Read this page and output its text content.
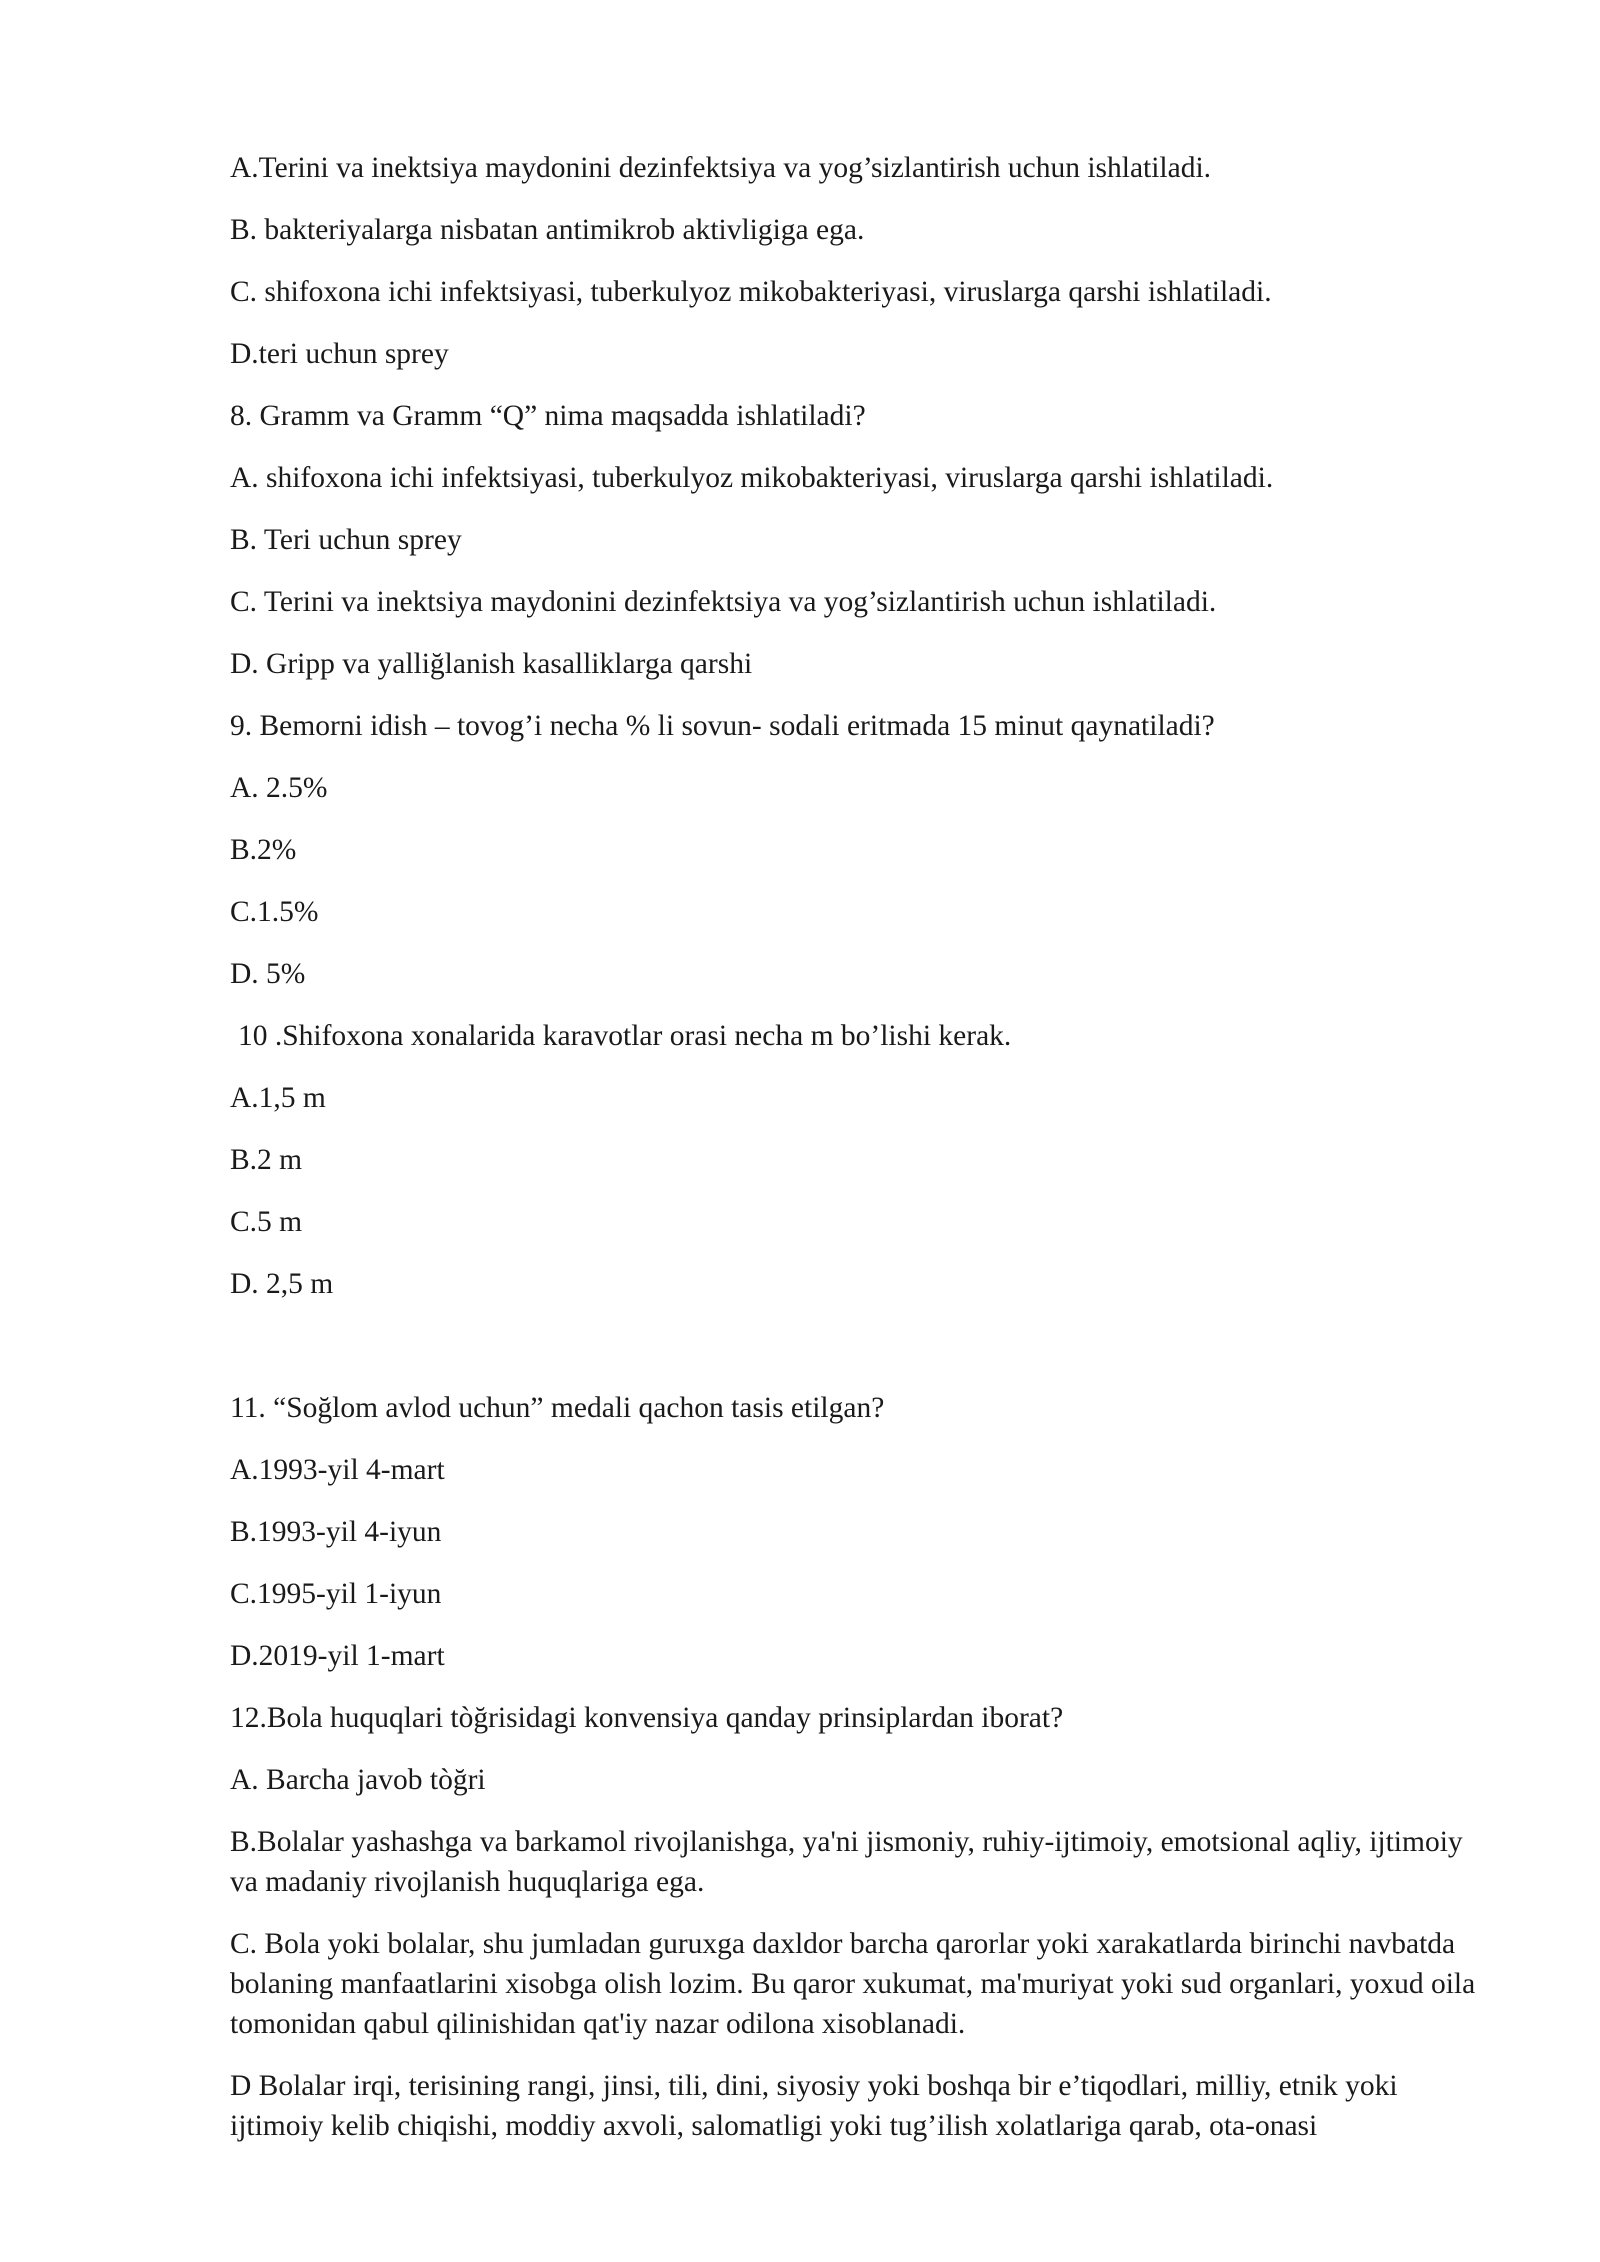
A.Terini va inektsiya maydonini dezinfektsiya va yog’sizlantirish uchun ishlatiladi.

B. bakteriyalarga nisbatan antimikrob aktivligiga ega.

C. shifoxona ichi infektsiyasi, tuberkulyoz mikobakteriyasi, viruslarga qarshi ishlatiladi.

D.teri uchun sprey

8. Gramm va Gramm “Q” nima maqsadda ishlatiladi?

A. shifoxona ichi infektsiyasi, tuberkulyoz mikobakteriyasi, viruslarga qarshi ishlatiladi.

B. Teri uchun sprey

C. Terini va inektsiya maydonini dezinfektsiya va yog’sizlantirish uchun ishlatiladi.

D. Gripp va yalliğlanish kasalliklarga qarshi

9. Bemorni idish – tovog’i necha % li sovun- sodali eritmada 15 minut qaynatiladi?

A. 2.5%

B.2%

C.1.5%

D. 5%

10 .Shifoxona xonalarida karavotlar orasi necha m bo’lishi kerak.

A.1,5 m

B.2 m

C.5 m

D. 2,5 m

11. “Soğlom avlod uchun” medali qachon tasis etilgan?

A.1993-yil 4-mart

B.1993-yil 4-iyun

C.1995-yil 1-iyun

D.2019-yil 1-mart

12.Bola huquqlari tòğrisidagi konvensiya qanday prinsiplardan iborat?

A. Barcha javob tòğri

B.Bolalar yashashga va barkamol rivojlanishga, ya'ni jismoniy, ruhiy-ijtimoiy, emotsional aqliy, ijtimoiy va madaniy rivojlanish huquqlariga ega.

C. Bola yoki bolalar, shu jumladan guruxga daxldor barcha qarorlar yoki xarakatlarda birinchi navbatda bolaning manfaatlarini xisobga olish lozim. Bu qaror xukumat, ma'muriyat yoki sud organlari, yoxud oila tomonidan qabul qilinishidan qat'iy nazar odilona xisoblanadi.

D Bolalar irqi, terisining rangi, jinsi, tili, dini, siyosiy yoki boshqa bir e’tiqodlari, milliy, etnik yoki ijtimoiy kelib chiqishi, moddiy axvoli, salomatligi yoki tug’ilish xolatlariga qarab, ota-onasi
